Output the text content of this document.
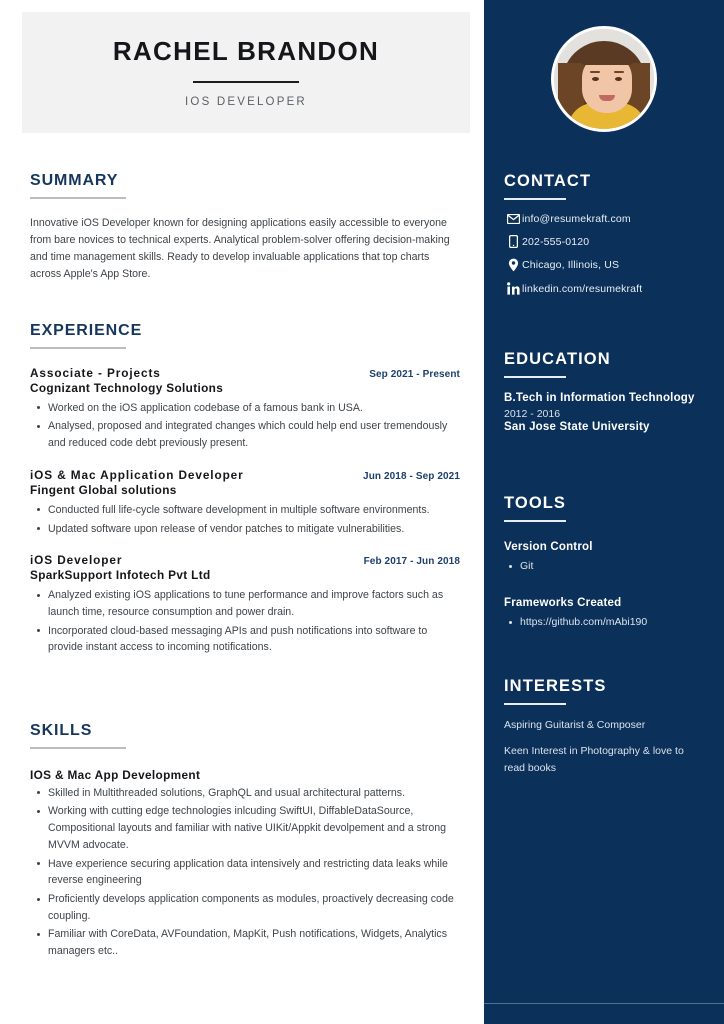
RACHEL BRANDON
IOS DEVELOPER
SUMMARY
Innovative iOS Developer known for designing applications easily accessible to everyone from bare novices to technical experts. Analytical problem-solver offering decision-making and time management skills. Ready to develop invaluable applications that top charts across Apple's App Store.
EXPERIENCE
Associate - Projects	Sep 2021 - Present
Cognizant Technology Solutions
Worked on the iOS application codebase of a famous bank in USA.
Analysed, proposed and integrated changes which could help end user tremendously and reduced code debt previously present.
iOS & Mac Application Developer	Jun 2018 - Sep 2021
Fingent Global solutions
Conducted full life-cycle software development in multiple software environments.
Updated software upon release of vendor patches to mitigate vulnerabilities.
iOS Developer	Feb 2017 - Jun 2018
SparkSupport Infotech Pvt Ltd
Analyzed existing iOS applications to tune performance and improve factors such as launch time, resource consumption and power drain.
Incorporated cloud-based messaging APIs and push notifications into software to provide instant access to incoming notifications.
SKILLS
IOS & Mac App Development
Skilled in Multithreaded solutions, GraphQL and usual architectural patterns.
Working with cutting edge technologies inlcuding SwiftUI, DiffableDataSource, Compositional layouts and familiar with native UIKit/Appkit devolpement and a strong MVVM advocate.
Have experience securing application data intensively and restricting data leaks while reverse engineering
Proficiently develops application components as modules, proactively decreasing code coupling.
Familiar with CoreData, AVFoundation, MapKit, Push notifications, Widgets, Analytics managers etc..
CONTACT
info@resumekraft.com
202-555-0120
Chicago, Illinois, US
linkedin.com/resumekraft
EDUCATION
B.Tech in Information Technology
2012 - 2016
San Jose State University
TOOLS
Version Control
Git
Frameworks Created
https://github.com/mAbi190
INTERESTS
Aspiring Guitarist & Composer
Keen Interest in Photography & love to read books
